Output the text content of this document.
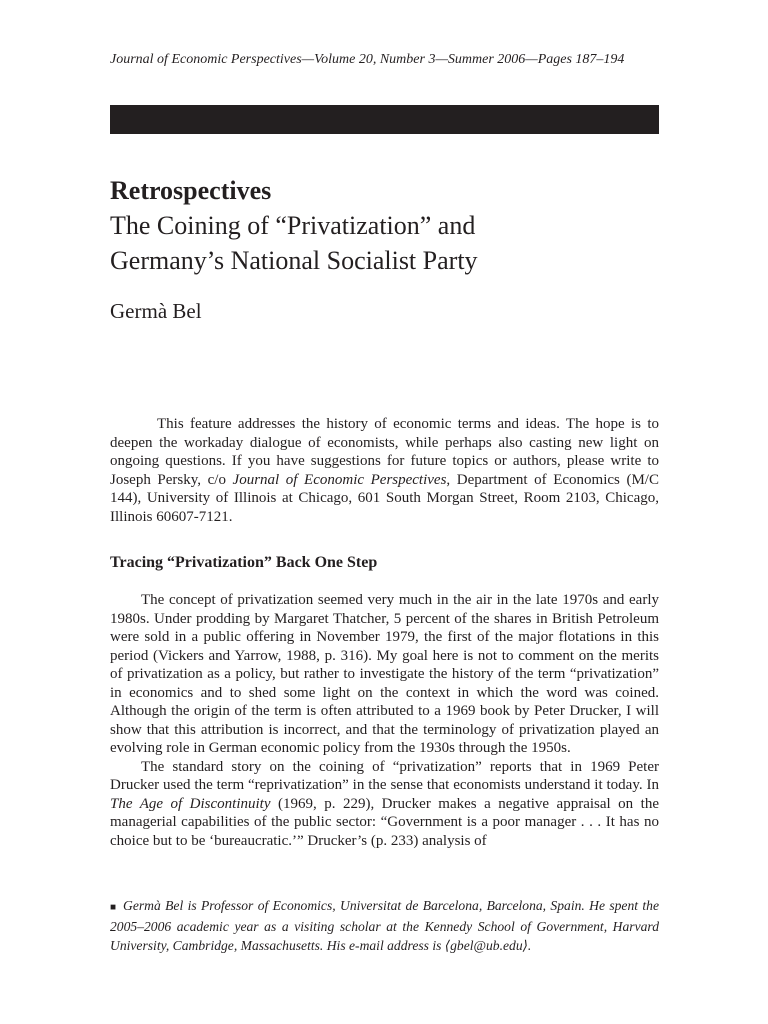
Journal of Economic Perspectives—Volume 20, Number 3—Summer 2006—Pages 187–194
Retrospectives
The Coining of “Privatization” and
Germany’s National Socialist Party
Germà Bel

This feature addresses the history of economic terms and ideas. The hope is to deepen the workaday dialogue of economists, while perhaps also casting new light on ongoing questions. If you have suggestions for future topics or authors, please write to Joseph Persky, c/o Journal of Economic Perspectives, Department of Economics (M/C 144), University of Illinois at Chicago, 601 South Morgan Street, Room 2103, Chicago, Illinois 60607-7121.

Tracing “Privatization” Back One Step

The concept of privatization seemed very much in the air in the late 1970s and early 1980s. Under prodding by Margaret Thatcher, 5 percent of the shares in British Petroleum were sold in a public offering in November 1979, the first of the major flotations in this period (Vickers and Yarrow, 1988, p. 316). My goal here is not to comment on the merits of privatization as a policy, but rather to investigate the history of the term “privatization” in economics and to shed some light on the context in which the word was coined. Although the origin of the term is often attributed to a 1969 book by Peter Drucker, I will show that this attribution is incorrect, and that the terminology of privatization played an evolving role in German economic policy from the 1930s through the 1950s.

The standard story on the coining of “privatization” reports that in 1969 Peter Drucker used the term “reprivatization” in the sense that economists understand it today. In The Age of Discontinuity (1969, p. 229), Drucker makes a negative appraisal on the managerial capabilities of the public sector: “Government is a poor manager . . . It has no choice but to be ‘bureaucratic.’” Drucker’s (p. 233) analysis of

■ Germà Bel is Professor of Economics, Universitat de Barcelona, Barcelona, Spain. He spent the 2005–2006 academic year as a visiting scholar at the Kennedy School of Government, Harvard University, Cambridge, Massachusetts. His e-mail address is ⟨gbel@ub.edu⟩.
